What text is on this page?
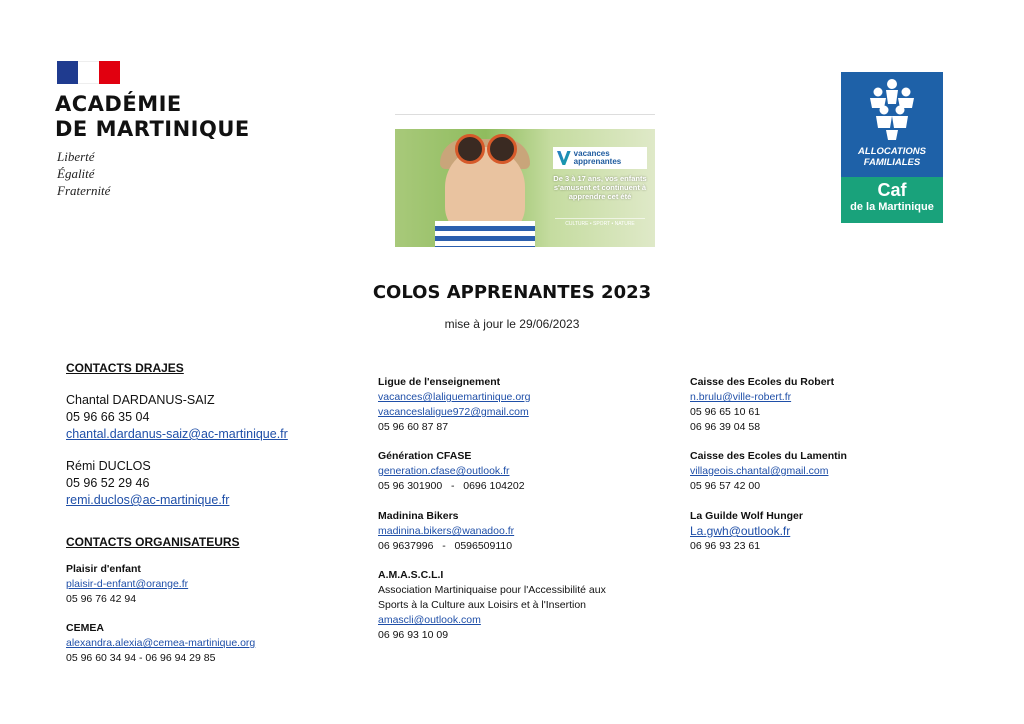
ACADÉMIE
DE MARTINIQUE
Liberté
Égalité
Fraternité
vacances apprenantes
De 3 à 17 ans, vos enfants s'amusent et continuent à apprendre cet été
CULTURE • SPORT • NATURE
ALLOCATIONS
FAMILIALES
Caf
de la Martinique
COLOS APPRENANTES 2023
mise à jour le 29/06/2023
CONTACTS DRAJES
Chantal DARDANUS-SAIZ
05 96 66 35 04
chantal.dardanus-saiz@ac-martinique.fr
Rémi DUCLOS
05 96 52 29 46
remi.duclos@ac-martinique.fr
CONTACTS ORGANISATEURS
Plaisir d'enfant
plaisir-d-enfant@orange.fr
05 96 76 42 94
CEMEA
alexandra.alexia@cemea-martinique.org
05 96 60 34 94 - 06 96 94 29 85
Ligue de l'enseignement
vacances@laliguemartinique.org
vacanceslaligue972@gmail.com
05 96 60 87 87
Génération CFASE
generation.cfase@outlook.fr
05 96 301900   -   0696 104202
Madinina Bikers
madinina.bikers@wanadoo.fr
06 9637996   -   0596509110
A.M.A.S.C.L.I
Association Martiniquaise pour l'Accessibilité aux
Sports à la Culture aux Loisirs et à l'Insertion
amascli@outlook.com
06 96 93 10 09
Caisse des Ecoles du Robert
n.brulu@ville-robert.fr
05 96 65 10 61
06 96 39 04 58
Caisse des Ecoles du Lamentin
villageois.chantal@gmail.com
05 96 57 42 00
La Guilde Wolf Hunger
La.gwh@outlook.fr
06 96 93 23 61
